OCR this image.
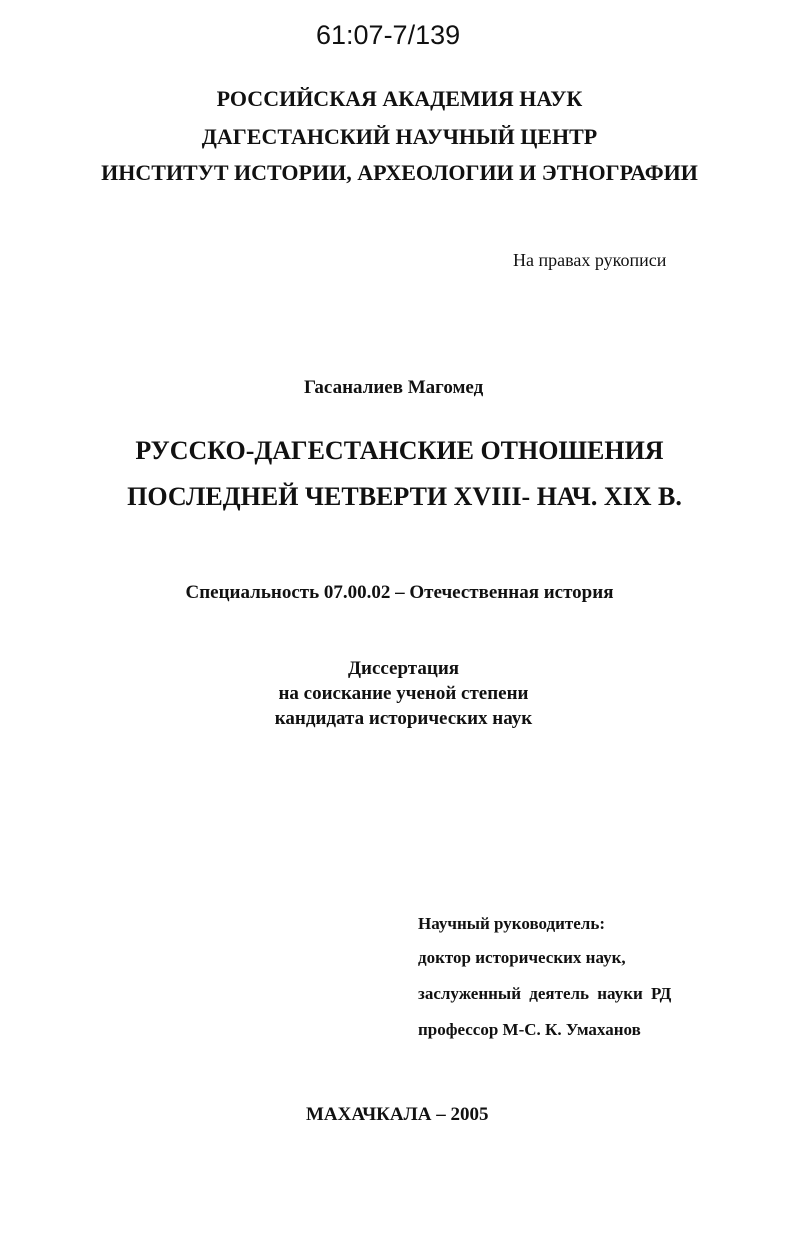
61:07-7/139
РОССИЙСКАЯ АКАДЕМИЯ НАУК
ДАГЕСТАНСКИЙ НАУЧНЫЙ ЦЕНТР
ИНСТИТУТ ИСТОРИИ, АРХЕОЛОГИИ И ЭТНОГРАФИИ
На правах рукописи
Гасаналиев Магомед
РУССКО-ДАГЕСТАНСКИЕ ОТНОШЕНИЯ
ПОСЛЕДНЕЙ ЧЕТВЕРТИ XVIII- НАЧ. XIX В.
Специальность 07.00.02 – Отечественная история
Диссертация
на соискание ученой степени
кандидата исторических наук
Научный руководитель:
доктор исторических наук,
заслуженный деятель науки РД
профессор М-С. К. Умаханов
МАХАЧКАЛА – 2005
